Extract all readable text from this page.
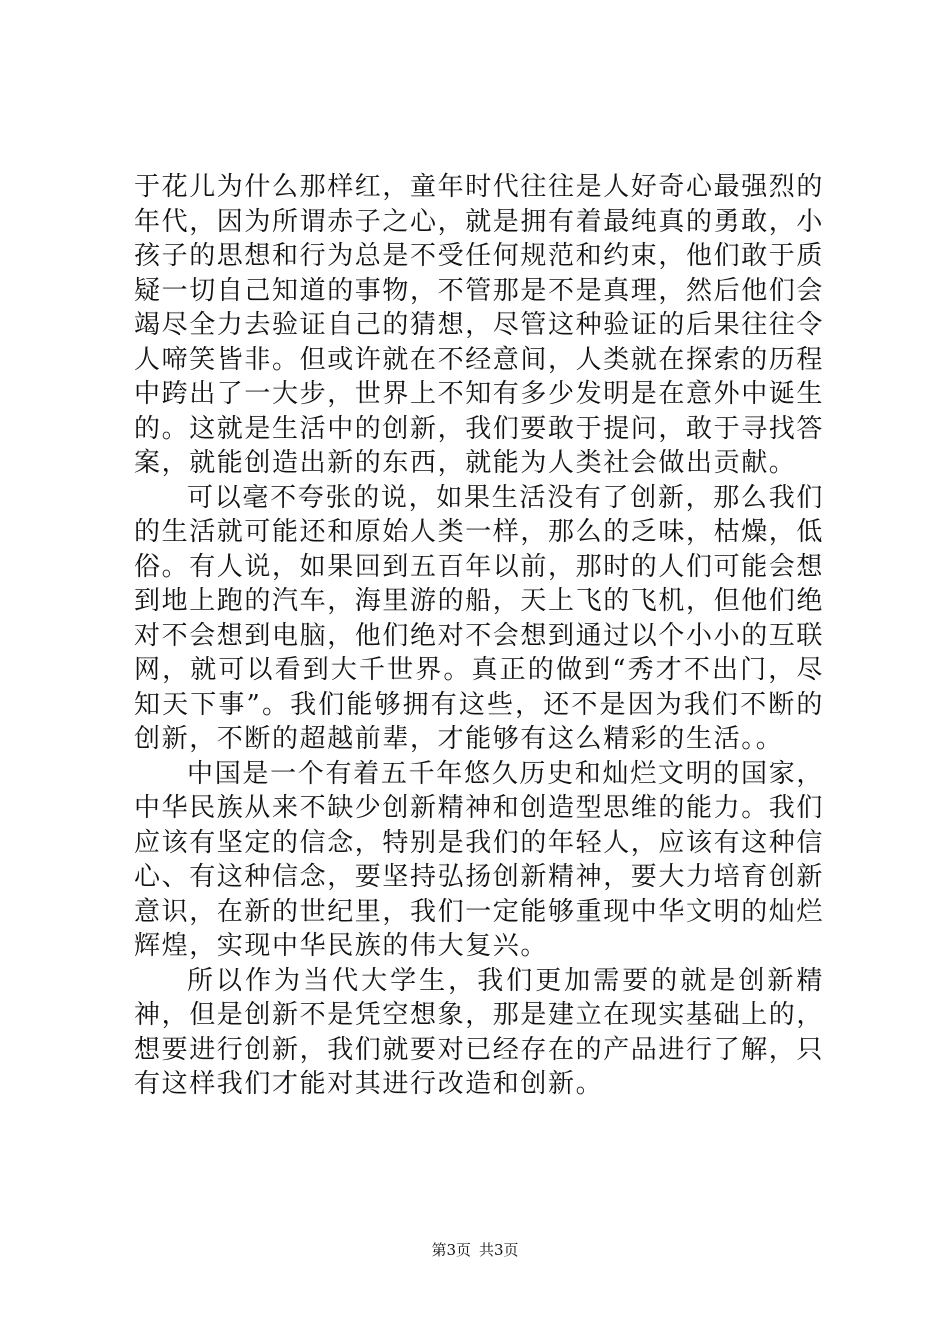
于花儿为什么那样红，童年时代往往是人好奇心最强烈的年代，因为所谓赤子之心，就是拥有着最纯真的勇敢，小孩子的思想和行为总是不受任何规范和约束，他们敢于质疑一切自己知道的事物，不管那是不是真理，然后他们会竭尽全力去验证自己的猜想，尽管这种验证的后果往往令人啼笑皆非。但或许就在不经意间，人类就在探索的历程中跨出了一大步，世界上不知有多少发明是在意外中诞生的。这就是生活中的创新，我们要敢于提问，敢于寻找答案，就能创造出新的东西，就能为人类社会做出贡献。

可以毫不夸张的说，如果生活没有了创新，那么我们的生活就可能还和原始人类一样，那么的乏味，枯燥，低俗。有人说，如果回到五百年以前，那时的人们可能会想到地上跑的汽车，海里游的船，天上飞的飞机，但他们绝对不会想到电脑，他们绝对不会想到通过以个小小的互联网，就可以看到大千世界。真正的做到“秀才不出门，尽知天下事”。我们能够拥有这些，还不是因为我们不断的创新，不断的超越前辈，才能够有这么精彩的生活。。

中国是一个有着五千年悠久历史和灿烂文明的国家，中华民族从来不缺少创新精神和创造型思维的能力。我们应该有坚定的信念，特别是我们的年轻人，应该有这种信心、有这种信念，要坚持弘扬创新精神，要大力培育创新意识，在新的世纪里，我们一定能够重现中华文明的灿烂辉煌，实现中华民族的伟大复兴。

所以作为当代大学生，我们更加需要的就是创新精神，但是创新不是凭空想象，那是建立在现实基础上的，想要进行创新，我们就要对已经存在的产品进行了解，只有这样我们才能对其进行改造和创新。

第3页 共3页
